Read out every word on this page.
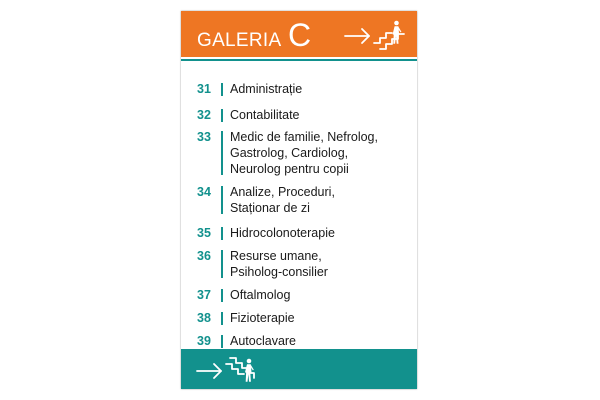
GALERIA C
31	Administrație
32	Contabilitate
33	Medic de familie, Nefrolog,
Gastrolog, Cardiolog,
Neurolog pentru copii
34	Analize, Proceduri,
Staționar de zi
35	Hidrocolonoterapie
36	Resurse umane,
Psiholog-consilier
37	Oftalmolog
38	Fizioterapie
39	Autoclavare
